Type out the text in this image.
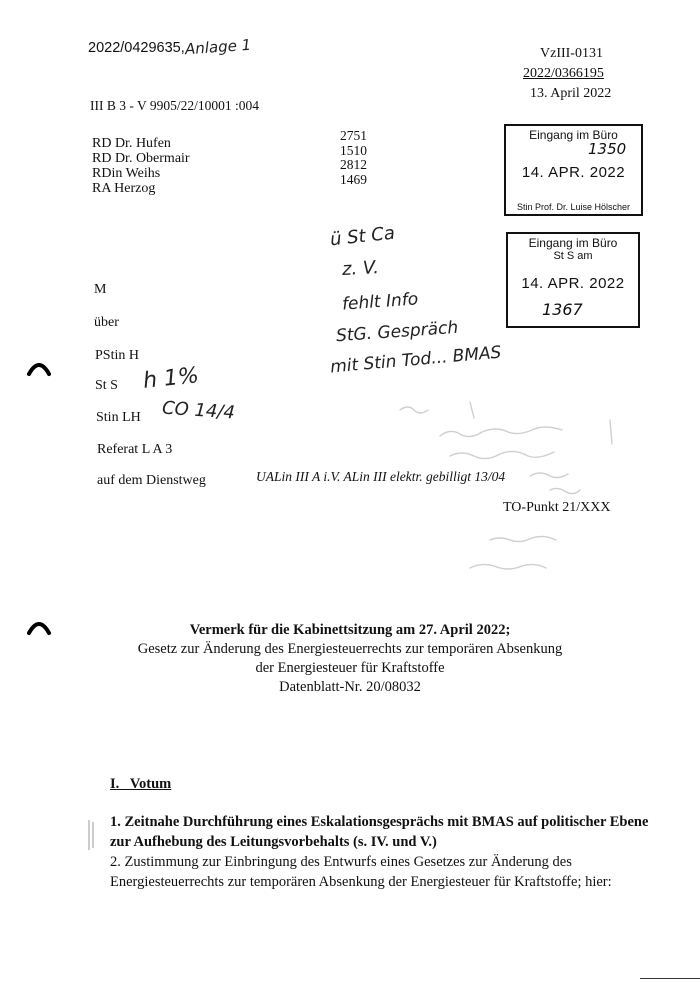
2022/0429635, Anlage 1	VzIII-0131
2022/0366195
13. April 2022
III B 3 - V 9905/22/10001 :004
RD Dr. Hufen
RD Dr. Obermair
RDin Weihs
RA Herzog
2751
1510
2812
1469
Eingang im Büro
1350
14. APR. 2022
Stin Prof. Dr. Luise Hölscher
Eingang im Büro
St S am
14. APR. 2022
1367
ü St Ca
z. V.
fehlt Info
StG. Gespräch
mit Stin Tod... BMAS
M
über
PStin H
St S h 1%
Stin LH CO 14/4
Referat L A 3
auf dem Dienstweg	UALin III A i.V. ALin III elektr. gebilligt 13/04
TO-Punkt 21/XXX
Vermerk für die Kabinettsitzung am 27. April 2022;
Gesetz zur Änderung des Energiesteuerrechts zur temporären Absenkung
der Energiesteuer für Kraftstoffe
Datenblatt-Nr. 20/08032
I.   Votum
1. Zeitnahe Durchführung eines Eskalationsgesprächs mit BMAS auf politischer Ebene
zur Aufhebung des Leitungsvorbehalts (s. IV. und V.)
2. Zustimmung zur Einbringung des Entwurfs eines Gesetzes zur Änderung des
Energiesteuerrechts zur temporären Absenkung der Energiesteuer für Kraftstoffe; hier:
